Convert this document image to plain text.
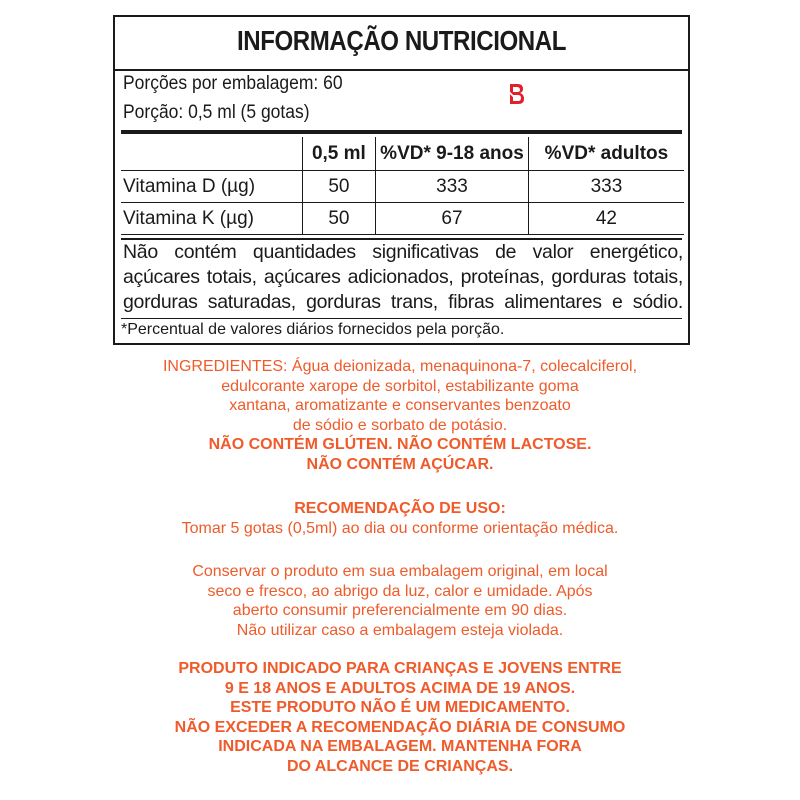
INFORMAÇÃO NUTRICIONAL
Porções por embalagem: 60
Porção: 0,5 ml (5 gotas)
	0,5 ml	%VD* 9-18 anos	%VD* adultos
Vitamina D (µg)	50	333	333
Vitamina K (µg)	50	67	42
Não contém quantidades significativas de valor energético, açúcares totais, açúcares adicionados, proteínas, gorduras totais, gorduras saturadas, gorduras trans, fibras alimentares e sódio.
*Percentual de valores diários fornecidos pela porção.
INGREDIENTES: Água deionizada, menaquinona-7, colecalciferol,
edulcorante xarope de sorbitol, estabilizante goma
xantana, aromatizante e conservantes benzoato
de sódio e sorbato de potásio.
NÃO CONTÉM GLÚTEN. NÃO CONTÉM LACTOSE.
NÃO CONTÉM AÇÚCAR.
RECOMENDAÇÃO DE USO:
Tomar 5 gotas (0,5ml) ao dia ou conforme orientação médica.
Conservar o produto em sua embalagem original, em local
seco e fresco, ao abrigo da luz, calor e umidade. Após
aberto consumir preferencialmente em 90 dias.
Não utilizar caso a embalagem esteja violada.
PRODUTO INDICADO PARA CRIANÇAS E JOVENS ENTRE
9 E 18 ANOS E ADULTOS ACIMA DE 19 ANOS.
ESTE PRODUTO NÃO É UM MEDICAMENTO.
NÃO EXCEDER A RECOMENDAÇÃO DIÁRIA DE CONSUMO
INDICADA NA EMBALAGEM. MANTENHA FORA
DO ALCANCE DE CRIANÇAS.
